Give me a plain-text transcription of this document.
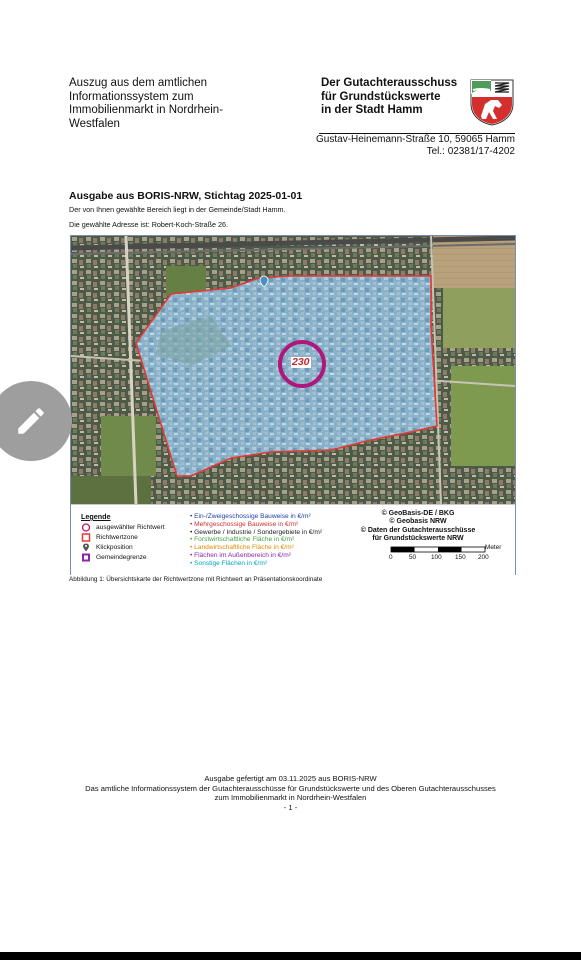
Auszug aus dem amtlichen
Informationssystem zum
Immobilienmarkt in Nordrhein-
Westfalen
Der Gutachterausschuss
für Grundstückswerte
in der Stadt Hamm
Gustav-Heinemann-Straße 10, 59065 Hamm
Tel.: 02381/17-4202
Ausgabe aus BORIS-NRW, Stichtag 2025-01-01
Der von Ihnen gewählte Bereich liegt in der Gemeinde/Stadt Hamm.
Die gewählte Adresse ist: Robert-Koch-Straße 26.
230
Legende
ausgewählter Richtwert
Richtwertzone
Klickposition
Gemeindegrenze
• Ein-/Zweigeschossige Bauweise in €/m²
• Mehrgeschossige Bauweise in €/m²
• Gewerbe / Industrie / Sondergebiete in €/m²
• Forstwirtschaftliche Fläche in €/m²
• Landwirtschaftliche Fläche in €/m²
• Flächen im Außenbereich in €/m²
• Sonstige Flächen in €/m²
© GeoBasis-DE / BKG
© Geobasis NRW
© Daten der Gutachterausschüsse
für Grundstückswerte NRW
Meter
0	50 100 150 200
Abbildung 1: Übersichtskarte der Richtwertzone mit Richtwert an Präsentationskoordinate
Ausgabe gefertigt am 03.11.2025 aus BORIS-NRW
Das amtliche Informationssystem der Gutachterausschüsse für Grundstückswerte und des Oberen Gutachterausschusses
zum Immobilienmarkt in Nordrhein-Westfalen
- 1 -
